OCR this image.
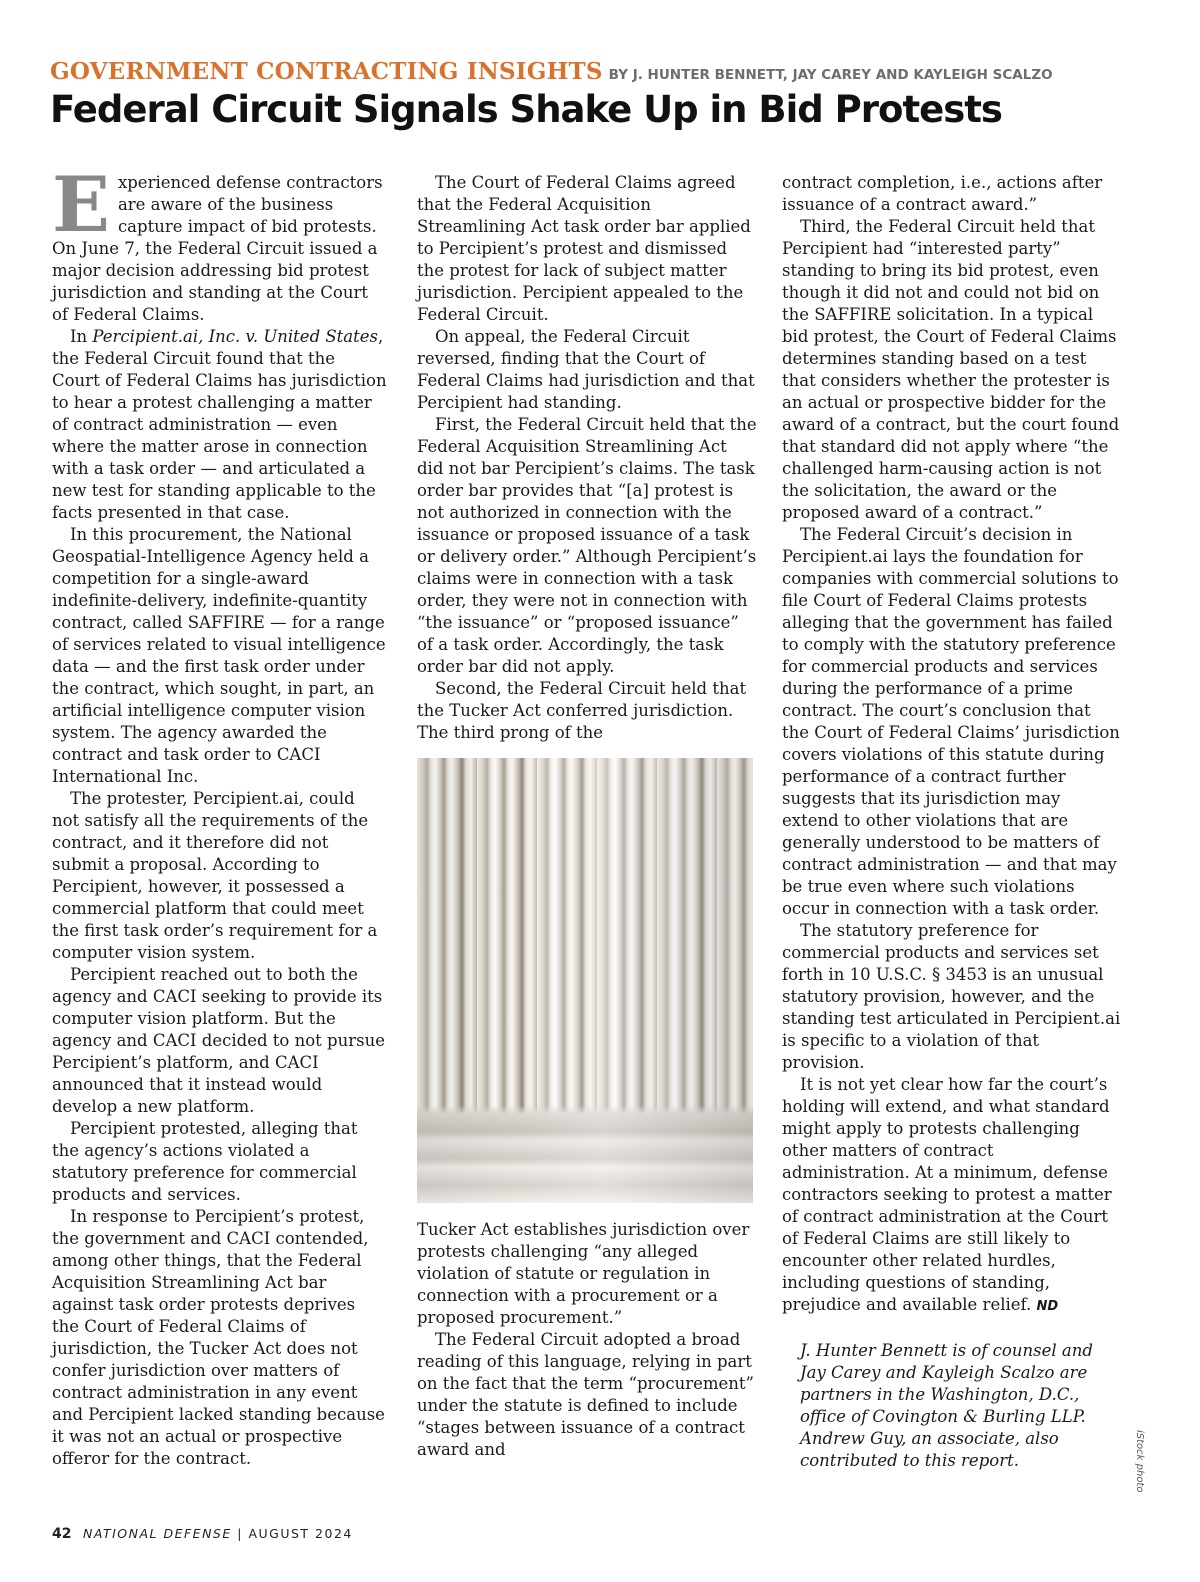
GOVERNMENT CONTRACTING INSIGHTS BY J. HUNTER BENNETT, JAY CAREY AND KAYLEIGH SCALZO
Federal Circuit Signals Shake Up in Bid Protests

Experienced defense contractors are aware of the business capture impact of bid protests. On June 7, the Federal Circuit issued a major decision addressing bid protest jurisdiction and standing at the Court of Federal Claims.

In Percipient.ai, Inc. v. United States, the Federal Circuit found that the Court of Federal Claims has jurisdiction to hear a protest challenging a matter of contract administration — even where the matter arose in connection with a task order — and articulated a new test for standing applicable to the facts presented in that case.

In this procurement, the National Geospatial-Intelligence Agency held a competition for a single-award indefinite-delivery, indefinite-quantity contract, called SAFFIRE — for a range of services related to visual intelligence data — and the first task order under the contract, which sought, in part, an artificial intelligence computer vision system. The agency awarded the contract and task order to CACI International Inc.

The protester, Percipient.ai, could not satisfy all the requirements of the contract, and it therefore did not submit a proposal. According to Percipient, however, it possessed a commercial platform that could meet the first task order’s requirement for a computer vision system.

Percipient reached out to both the agency and CACI seeking to provide its computer vision platform. But the agency and CACI decided to not pursue Percipient’s platform, and CACI announced that it instead would develop a new platform.

Percipient protested, alleging that the agency’s actions violated a statutory preference for commercial products and services.

In response to Percipient’s protest, the government and CACI contended, among other things, that the Federal Acquisition Streamlining Act bar against task order protests deprives the Court of Federal Claims of jurisdiction, the Tucker Act does not confer jurisdiction over matters of contract administration in any event and Percipient lacked standing because it was not an actual or prospective offeror for the contract.

The Court of Federal Claims agreed that the Federal Acquisition Streamlining Act task order bar applied to Percipient’s protest and dismissed the protest for lack of subject matter jurisdiction. Percipient appealed to the Federal Circuit.

On appeal, the Federal Circuit reversed, finding that the Court of Federal Claims had jurisdiction and that Percipient had standing.

First, the Federal Circuit held that the Federal Acquisition Streamlining Act did not bar Percipient’s claims. The task order bar provides that “[a] protest is not authorized in connection with the issuance or proposed issuance of a task or delivery order.” Although Percipient’s claims were in connection with a task order, they were not in connection with “the issuance” or “proposed issuance” of a task order. Accordingly, the task order bar did not apply.

Second, the Federal Circuit held that the Tucker Act conferred jurisdiction. The third prong of the

Tucker Act establishes jurisdiction over protests challenging “any alleged violation of statute or regulation in connection with a procurement or a proposed procurement.”

The Federal Circuit adopted a broad reading of this language, relying in part on the fact that the term “procurement” under the statute is defined to include “stages between issuance of a contract award and

contract completion, i.e., actions after issuance of a contract award.”

Third, the Federal Circuit held that Percipient had “interested party” standing to bring its bid protest, even though it did not and could not bid on the SAFFIRE solicitation. In a typical bid protest, the Court of Federal Claims determines standing based on a test that considers whether the protester is an actual or prospective bidder for the award of a contract, but the court found that standard did not apply where “the challenged harm-causing action is not the solicitation, the award or the proposed award of a contract.”

The Federal Circuit’s decision in Percipient.ai lays the foundation for companies with commercial solutions to file Court of Federal Claims protests alleging that the government has failed to comply with the statutory preference for commercial products and services during the performance of a prime contract. The court’s conclusion that the Court of Federal Claims’ jurisdiction covers violations of this statute during performance of a contract further suggests that its jurisdiction may extend to other violations that are generally understood to be matters of contract administration — and that may be true even where such violations occur in connection with a task order.

The statutory preference for commercial products and services set forth in 10 U.S.C. § 3453 is an unusual statutory provision, however, and the standing test articulated in Percipient.ai is specific to a violation of that provision.

It is not yet clear how far the court’s holding will extend, and what standard might apply to protests challenging other matters of contract administration. At a minimum, defense contractors seeking to protest a matter of contract administration at the Court of Federal Claims are still likely to encounter other related hurdles, including questions of standing, prejudice and available relief. ND

J. Hunter Bennett is of counsel and Jay Carey and Kayleigh Scalzo are partners in the Washington, D.C., office of Covington & Burling LLP. Andrew Guy, an associate, also contributed to this report.	iStock photo
42 NATIONAL DEFENSE | AUGUST 2024
